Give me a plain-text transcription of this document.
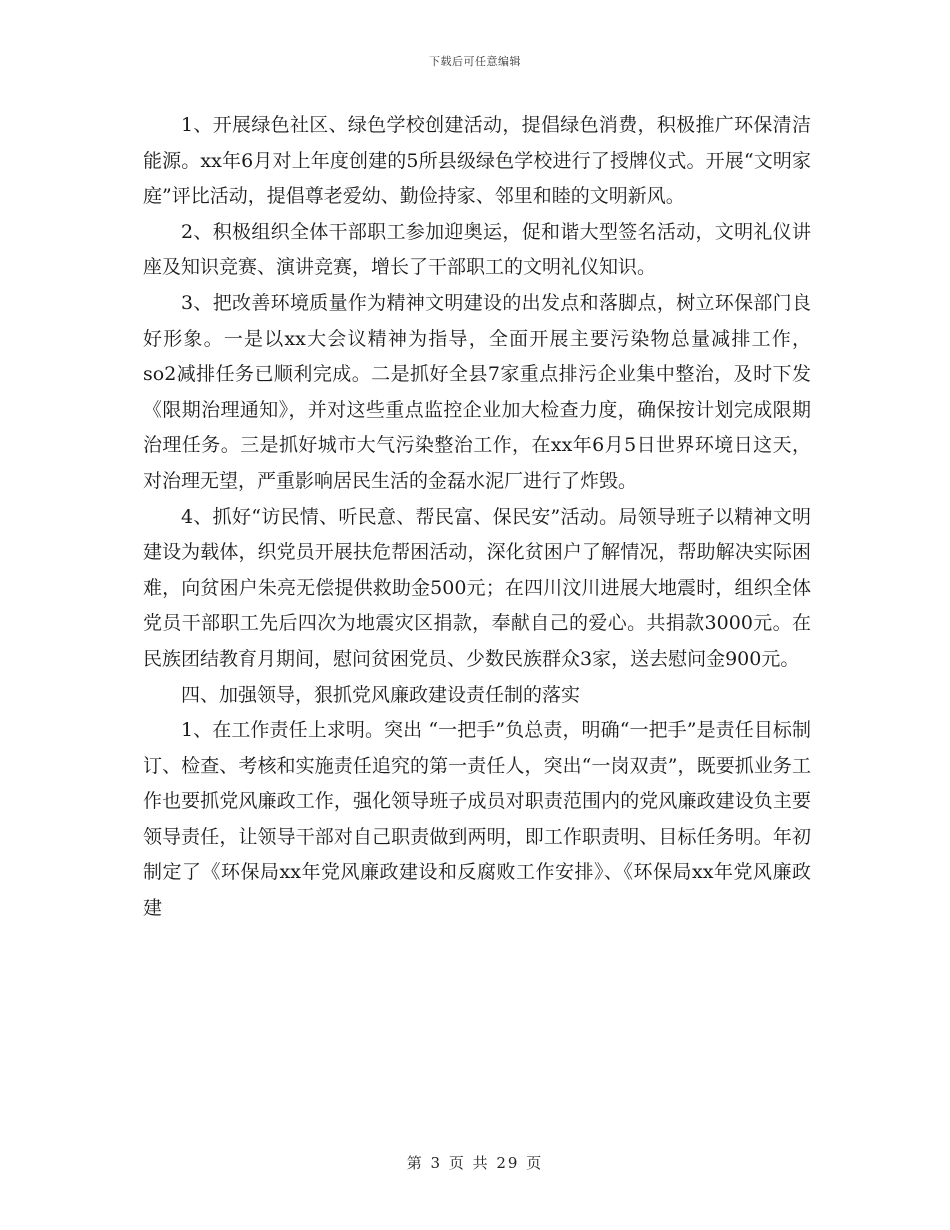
下载后可任意编辑

1、开展绿色社区、绿色学校创建活动，提倡绿色消费，积极推广环保清洁能源。xx年6月对上年度创建的5所县级绿色学校进行了授牌仪式。开展“文明家庭”评比活动，提倡尊老爱幼、勤俭持家、邻里和睦的文明新风。

2、积极组织全体干部职工参加迎奥运，促和谐大型签名活动，文明礼仪讲座及知识竞赛、演讲竞赛，增长了干部职工的文明礼仪知识。

3、把改善环境质量作为精神文明建设的出发点和落脚点，树立环保部门良好形象。一是以xx大会议精神为指导，全面开展主要污染物总量减排工作， so2减排任务已顺利完成。二是抓好全县7家重点排污企业集中整治，及时下发《限期治理通知》，并对这些重点监控企业加大检查力度，确保按计划完成限期治理任务。三是抓好城市大气污染整治工作，在xx年6月5日世界环境日这天，对治理无望，严重影响居民生活的金磊水泥厂进行了炸毁。

4、抓好“访民情、听民意、帮民富、保民安”活动。局领导班子以精神文明建设为载体，织党员开展扶危帮困活动，深化贫困户了解情况，帮助解决实际困难，向贫困户朱亮无偿提供救助金500元；在四川汶川进展大地震时，组织全体党员干部职工先后四次为地震灾区捐款，奉献自己的爱心。共捐款3000元。在民族团结教育月期间，慰问贫困党员、少数民族群众3家，送去慰问金900元。

四、加强领导，狠抓党风廉政建设责任制的落实

1、在工作责任上求明。突出 “一把手”负总责，明确“一把手”是责任目标制订、检查、考核和实施责任追究的第一责任人，突出“一岗双责”，既要抓业务工作也要抓党风廉政工作，强化领导班子成员对职责范围内的党风廉政建设负主要领导责任，让领导干部对自己职责做到两明，即工作职责明、目标任务明。年初制定了《环保局xx年党风廉政建设和反腐败工作安排》、《环保局xx年党风廉政建

第 3 页 共 29 页
